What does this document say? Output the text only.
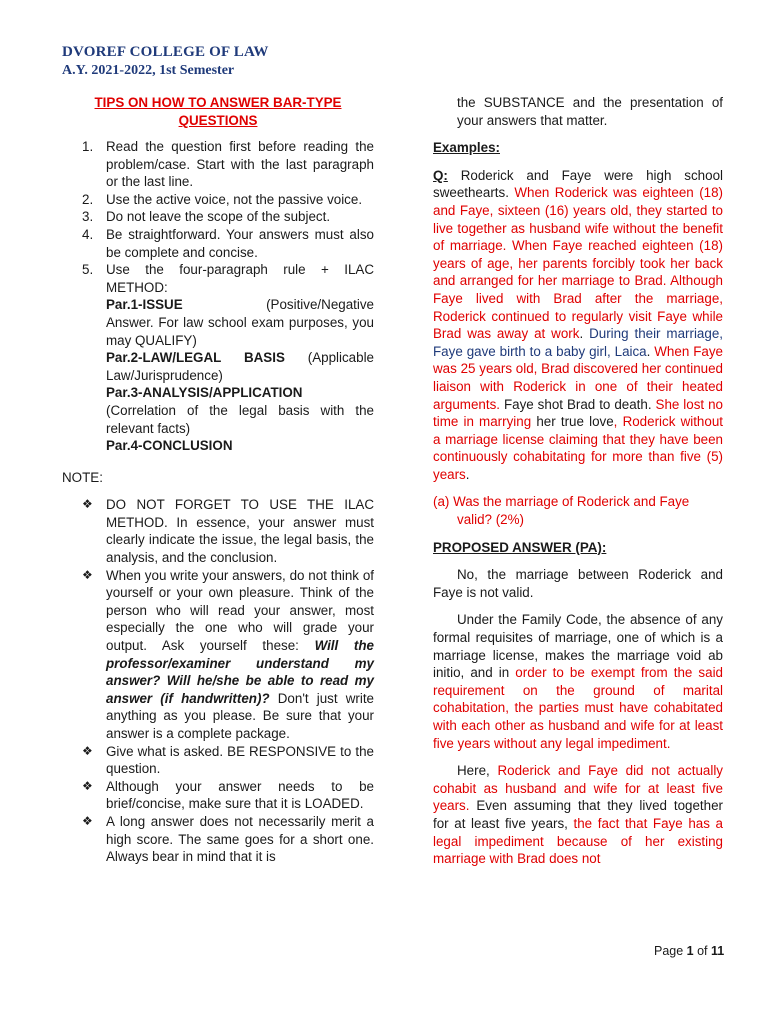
DVOREF COLLEGE OF LAW
A.Y. 2021-2022, 1st Semester
TIPS ON HOW TO ANSWER BAR-TYPE
QUESTIONS
1. Read the question first before reading the problem/case. Start with the last paragraph or the last line.
2. Use the active voice, not the passive voice.
3. Do not leave the scope of the subject.
4. Be straightforward. Your answers must also be complete and concise.
5. Use the four-paragraph rule + ILAC METHOD:
Par.1-ISSUE	(Positive/Negative Answer. For law school exam purposes, you may QUALIFY)
Par.2-LAW/LEGAL BASIS (Applicable Law/Jurisprudence)
Par.3-ANALYSIS/APPLICATION
(Correlation of the legal basis with the relevant facts)
Par.4-CONCLUSION
NOTE:
❖ DO NOT FORGET TO USE THE ILAC METHOD. In essence, your answer must clearly indicate the issue, the legal basis, the analysis, and the conclusion.
❖ When you write your answers, do not think of yourself or your own pleasure. Think of the person who will read your answer, most especially the one who will grade your output. Ask yourself these: Will the professor/examiner understand my answer? Will he/she be able to read my answer (if handwritten)? Don't just write anything as you please. Be sure that your answer is a complete package.
❖ Give what is asked. BE RESPONSIVE to the question.
❖ Although your answer needs to be brief/concise, make sure that it is LOADED.
❖ A long answer does not necessarily merit a high score. The same goes for a short one. Always bear in mind that it is
the SUBSTANCE and the presentation of your answers that matter.
Examples:
Q: Roderick and Faye were high school sweethearts. When Roderick was eighteen (18) and Faye, sixteen (16) years old, they started to live together as husband wife without the benefit of marriage. When Faye reached eighteen (18) years of age, her parents forcibly took her back and arranged for her marriage to Brad. Although Faye lived with Brad after the marriage, Roderick continued to regularly visit Faye while Brad was away at work. During their marriage, Faye gave birth to a baby girl, Laica. When Faye was 25 years old, Brad discovered her continued liaison with Roderick in one of their heated arguments. Faye shot Brad to death. She lost no time in marrying her true love, Roderick without a marriage license claiming that they have been continuously cohabitating for more than five (5) years.
(a) Was the marriage of Roderick and Faye valid? (2%)
PROPOSED ANSWER (PA):
No, the marriage between Roderick and Faye is not valid.
Under the Family Code, the absence of any formal requisites of marriage, one of which is a marriage license, makes the marriage void ab initio, and in order to be exempt from the said requirement on the ground of marital cohabitation, the parties must have cohabitated with each other as husband and wife for at least five years without any legal impediment.
Here, Roderick and Faye did not actually cohabit as husband and wife for at least five years. Even assuming that they lived together for at least five years, the fact that Faye has a legal impediment because of her existing marriage with Brad does not
Page 1 of 11
